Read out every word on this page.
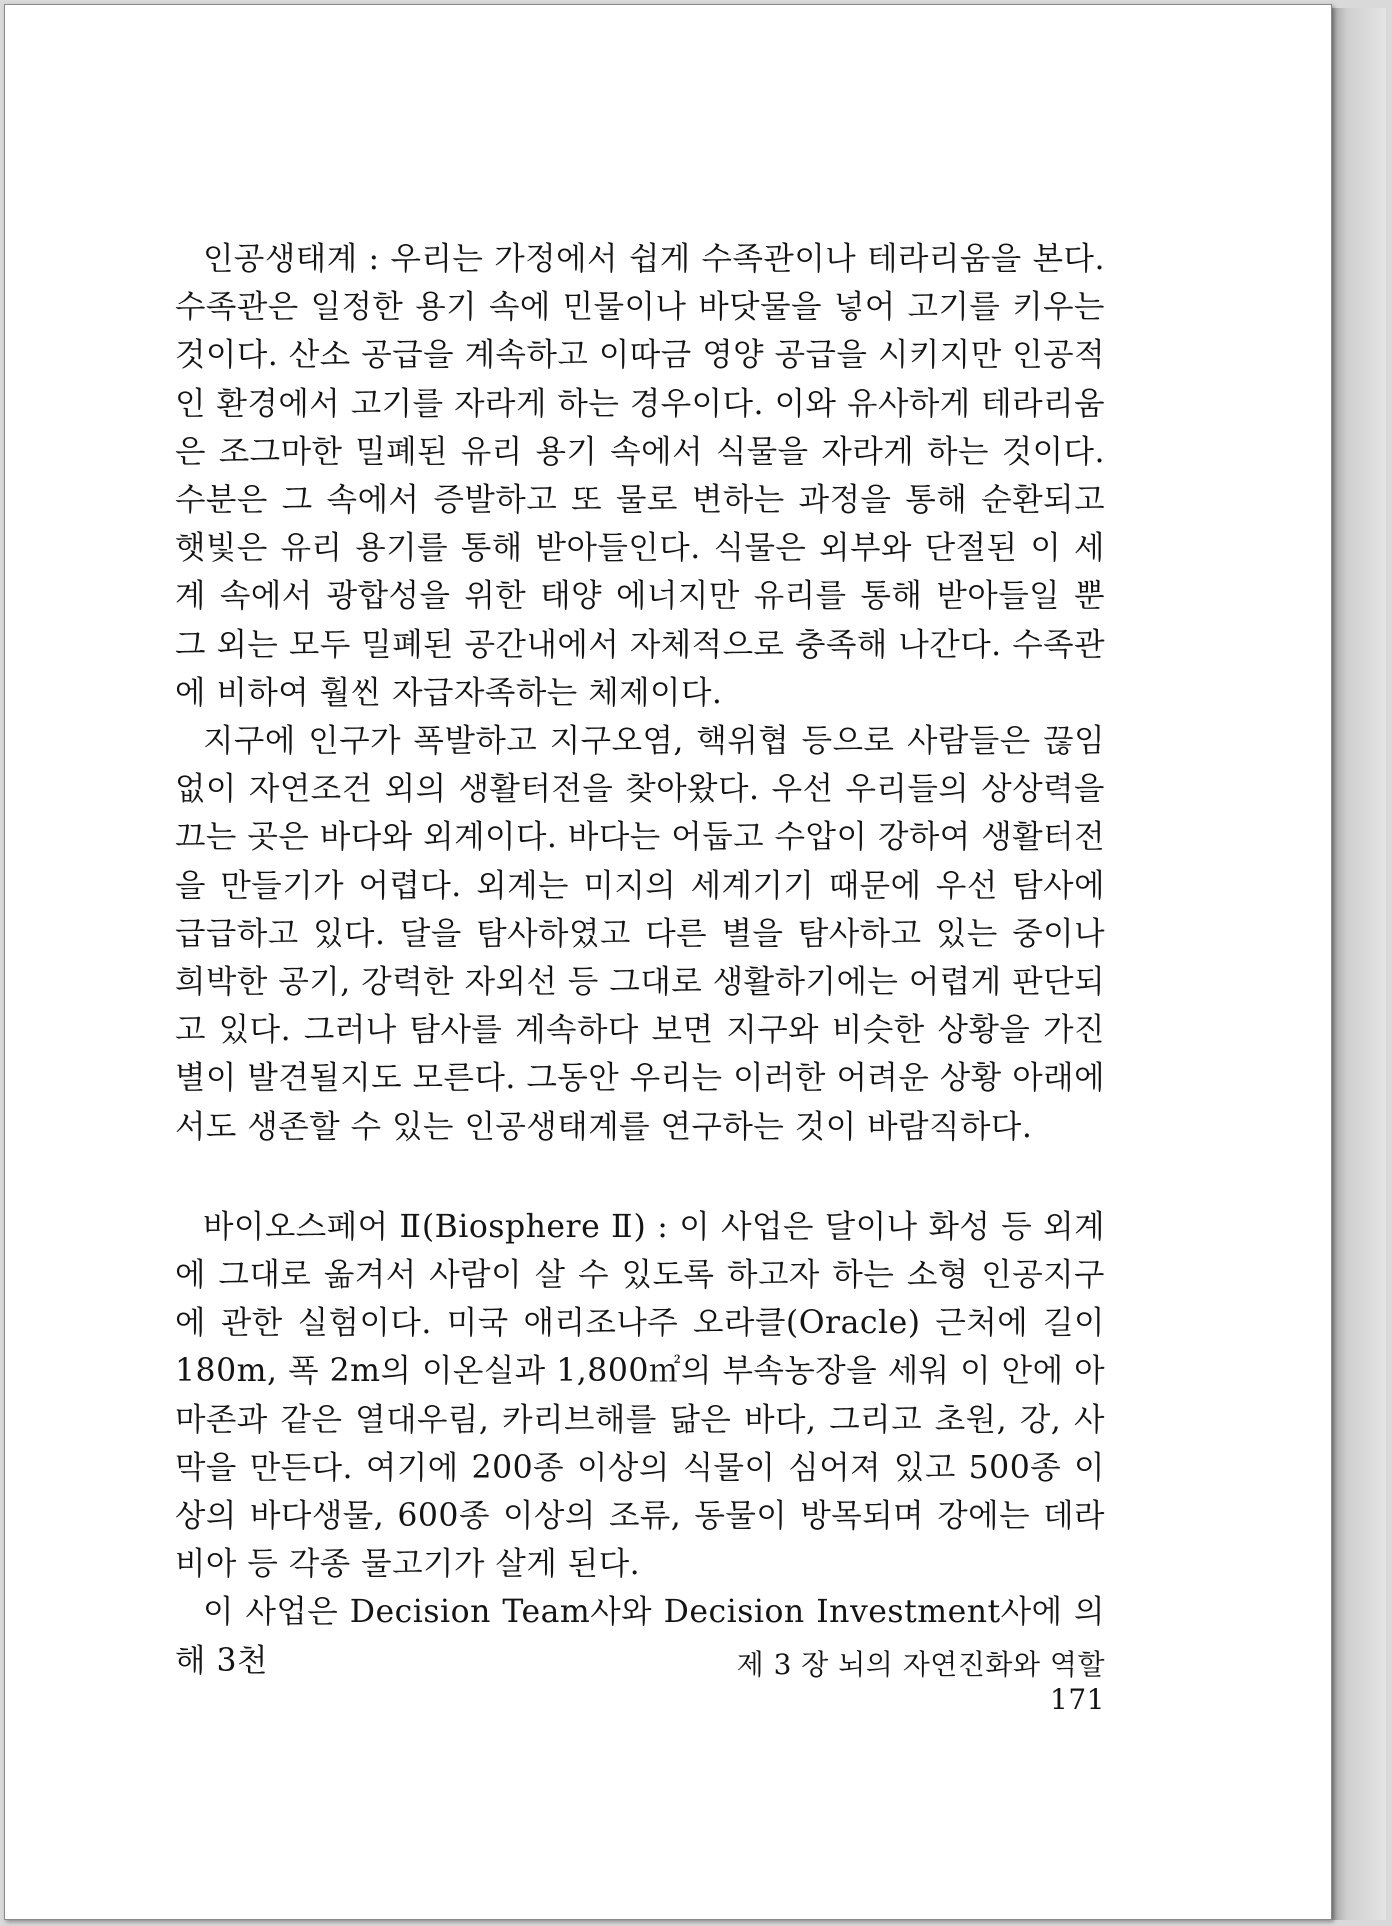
인공생태계 : 우리는 가정에서 쉽게 수족관이나 테라리움을 본다. 수족관은 일정한 용기 속에 민물이나 바닷물을 넣어 고기를 키우는 것이다. 산소 공급을 계속하고 이따금 영양 공급을 시키지만 인공적인 환경에서 고기를 자라게 하는 경우이다. 이와 유사하게 테라리움은 조그마한 밀폐된 유리 용기 속에서 식물을 자라게 하는 것이다. 수분은 그 속에서 증발하고 또 물로 변하는 과정을 통해 순환되고 햇빛은 유리 용기를 통해 받아들인다. 식물은 외부와 단절된 이 세계 속에서 광합성을 위한 태양 에너지만 유리를 통해 받아들일 뿐 그 외는 모두 밀폐된 공간내에서 자체적으로 충족해 나간다. 수족관에 비하여 훨씬 자급자족하는 체제이다.

지구에 인구가 폭발하고 지구오염, 핵위협 등으로 사람들은 끊임없이 자연조건 외의 생활터전을 찾아왔다. 우선 우리들의 상상력을 끄는 곳은 바다와 외계이다. 바다는 어둡고 수압이 강하여 생활터전을 만들기가 어렵다. 외계는 미지의 세계기기 때문에 우선 탐사에 급급하고 있다. 달을 탐사하였고 다른 별을 탐사하고 있는 중이나 희박한 공기, 강력한 자외선 등 그대로 생활하기에는 어렵게 판단되고 있다. 그러나 탐사를 계속하다 보면 지구와 비슷한 상황을 가진 별이 발견될지도 모른다. 그동안 우리는 이러한 어려운 상황 아래에서도 생존할 수 있는 인공생태계를 연구하는 것이 바람직하다.

바이오스페어 Ⅱ(Biosphere Ⅱ) : 이 사업은 달이나 화성 등 외계에 그대로 옮겨서 사람이 살 수 있도록 하고자 하는 소형 인공지구에 관한 실험이다. 미국 애리조나주 오라클(Oracle) 근처에 길이 180m, 폭 2m의 이온실과 1,800㎡의 부속농장을 세워 이 안에 아마존과 같은 열대우림, 카리브해를 닮은 바다, 그리고 초원, 강, 사막을 만든다. 여기에 200종 이상의 식물이 심어져 있고 500종 이상의 바다생물, 600종 이상의 조류, 동물이 방목되며 강에는 데라비아 등 각종 물고기가 살게 된다.

이 사업은 Decision Team사와 Decision Investment사에 의해 3천	제 3 장 뇌의 자연진화와 역할171
